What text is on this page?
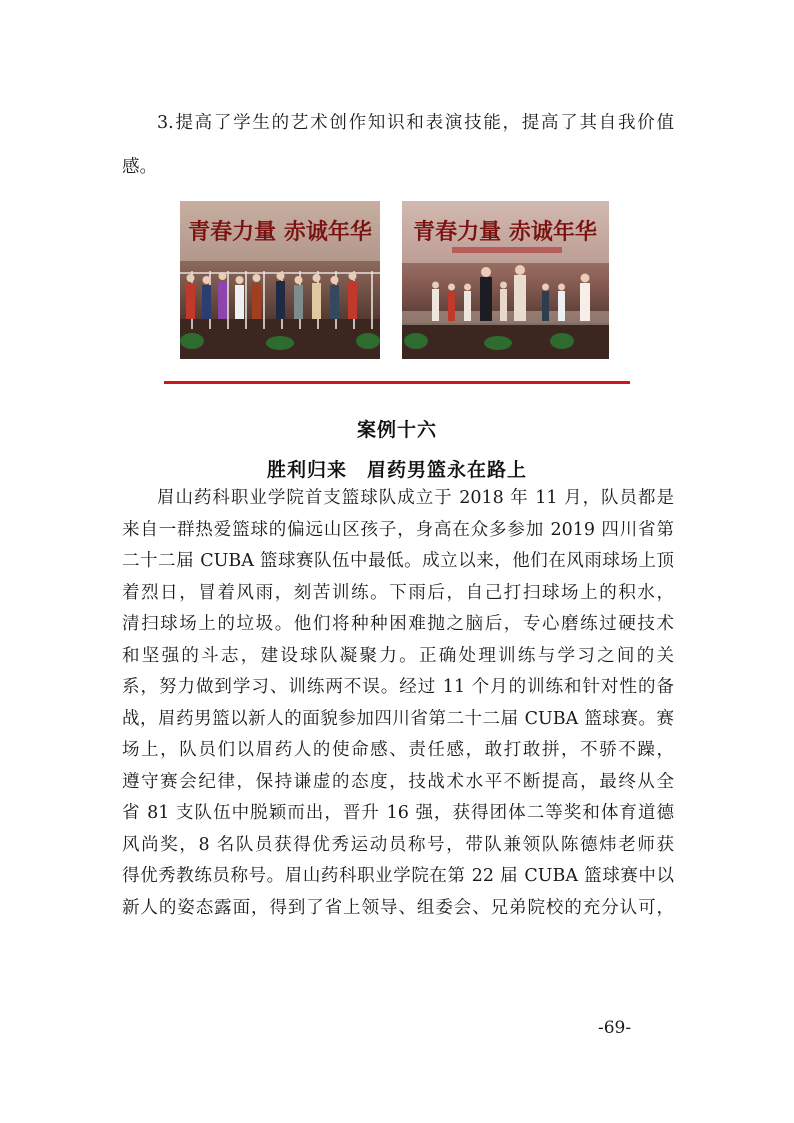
3.提高了学生的艺术创作知识和表演技能，提高了其自我价值
感。
青春力量 赤诚年华 青春力量 赤诚年华
案例十六
胜利归来　眉药男篮永在路上
眉山药科职业学院首支篮球队成立于 2018 年 11 月，队员都是
来自一群热爱篮球的偏远山区孩子，身高在众多参加 2019 四川省第
二十二届 CUBA 篮球赛队伍中最低。成立以来，他们在风雨球场上顶
着烈日，冒着风雨，刻苦训练。下雨后，自己打扫球场上的积水，
清扫球场上的垃圾。他们将种种困难抛之脑后，专心磨练过硬技术
和坚强的斗志，建设球队凝聚力。正确处理训练与学习之间的关
系，努力做到学习、训练两不误。经过 11 个月的训练和针对性的备
战，眉药男篮以新人的面貌参加四川省第二十二届 CUBA 篮球赛。赛
场上，队员们以眉药人的使命感、责任感，敢打敢拼，不骄不躁，
遵守赛会纪律，保持谦虚的态度，技战术水平不断提高，最终从全
省 81 支队伍中脱颖而出，晋升 16 强，获得团体二等奖和体育道德
风尚奖，8 名队员获得优秀运动员称号，带队兼领队陈德炜老师获
得优秀教练员称号。眉山药科职业学院在第 22 届 CUBA 篮球赛中以
新人的姿态露面，得到了省上领导、组委会、兄弟院校的充分认可，

-69-
